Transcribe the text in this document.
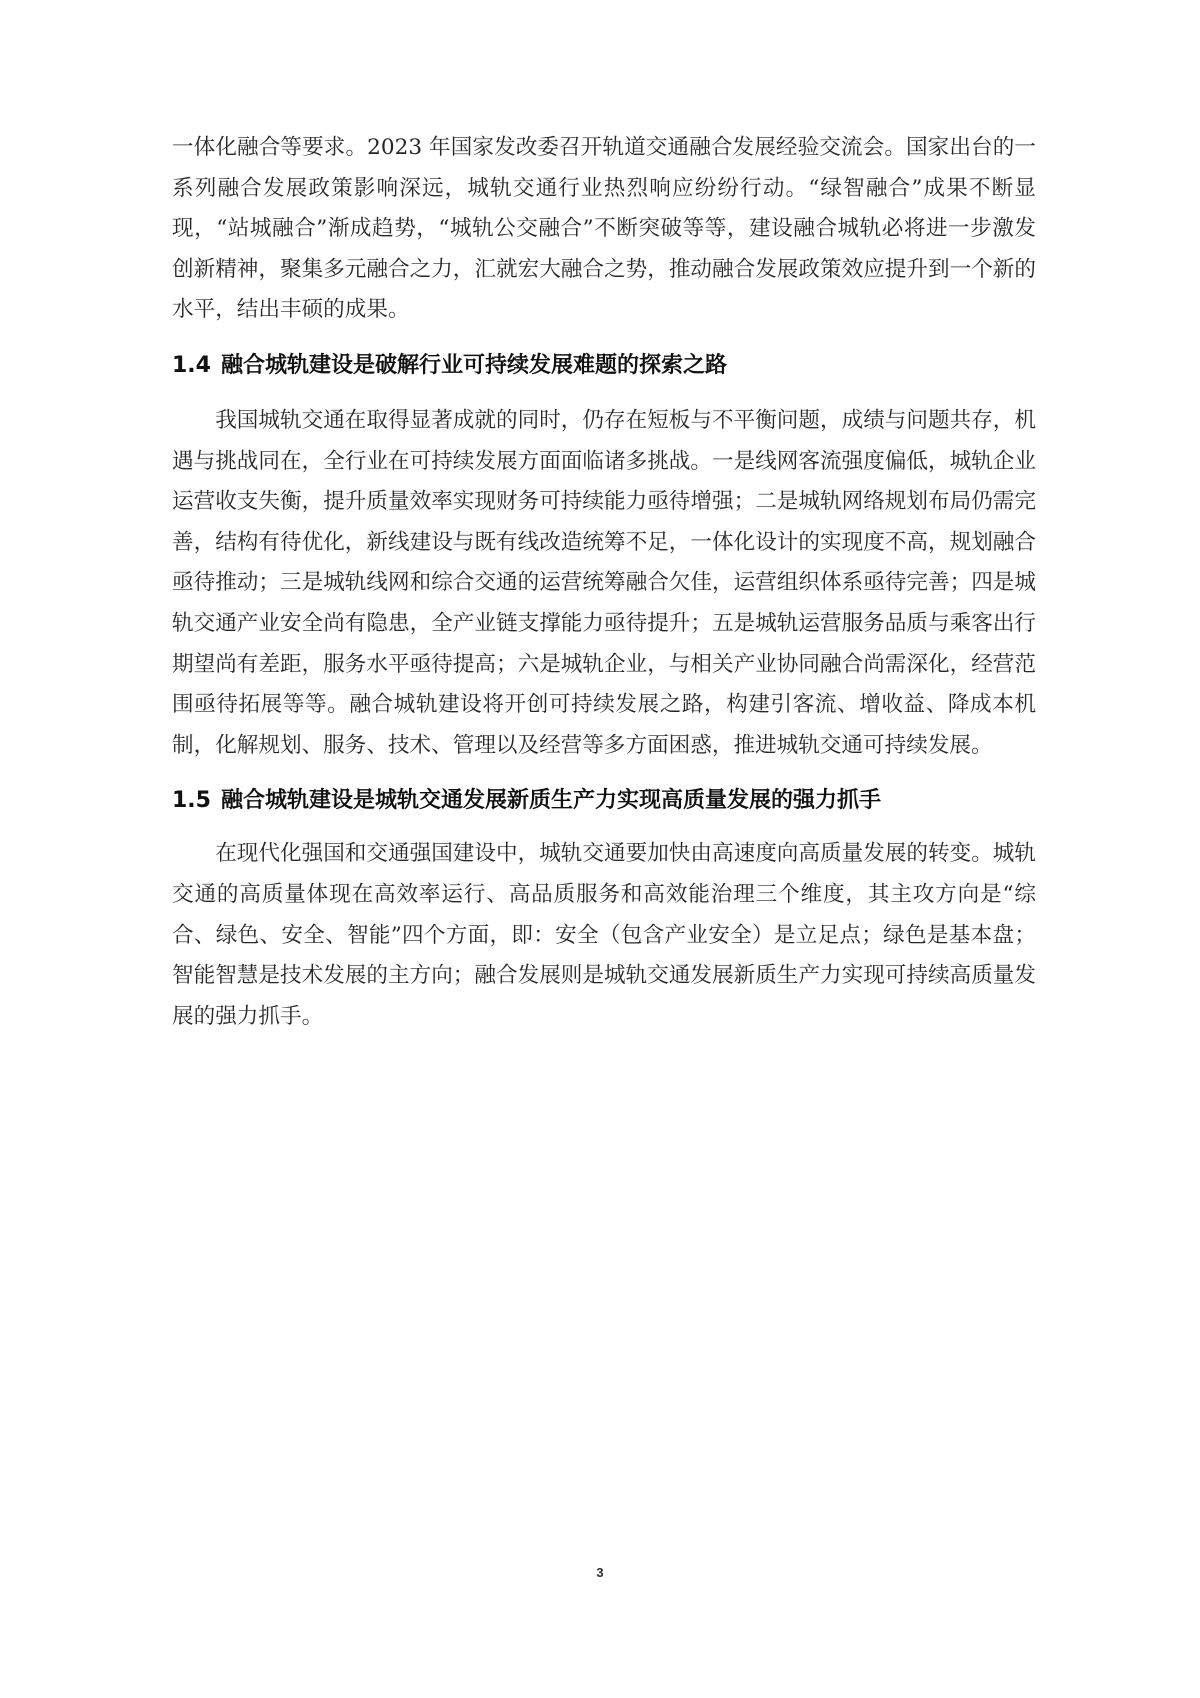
一体化融合等要求。2023 年国家发改委召开轨道交通融合发展经验交流会。国家出台的一系列融合发展政策影响深远，城轨交通行业热烈响应纷纷行动。“绿智融合”成果不断显现，“站城融合”渐成趋势，“城轨公交融合”不断突破等等，建设融合城轨必将进一步激发创新精神，聚集多元融合之力，汇就宏大融合之势，推动融合发展政策效应提升到一个新的水平，结出丰硕的成果。

1.4 融合城轨建设是破解行业可持续发展难题的探索之路

我国城轨交通在取得显著成就的同时，仍存在短板与不平衡问题，成绩与问题共存，机遇与挑战同在，全行业在可持续发展方面面临诸多挑战。一是线网客流强度偏低，城轨企业运营收支失衡，提升质量效率实现财务可持续能力亟待增强；二是城轨网络规划布局仍需完善，结构有待优化，新线建设与既有线改造统筹不足，一体化设计的实现度不高，规划融合亟待推动；三是城轨线网和综合交通的运营统筹融合欠佳，运营组织体系亟待完善；四是城轨交通产业安全尚有隐患，全产业链支撑能力亟待提升；五是城轨运营服务品质与乘客出行期望尚有差距，服务水平亟待提高；六是城轨企业，与相关产业协同融合尚需深化，经营范围亟待拓展等等。融合城轨建设将开创可持续发展之路，构建引客流、增收益、降成本机制，化解规划、服务、技术、管理以及经营等多方面困惑，推进城轨交通可持续发展。

1.5 融合城轨建设是城轨交通发展新质生产力实现高质量发展的强力抓手

在现代化强国和交通强国建设中，城轨交通要加快由高速度向高质量发展的转变。城轨交通的高质量体现在高效率运行、高品质服务和高效能治理三个维度，其主攻方向是“综合、绿色、安全、智能”四个方面，即：安全（包含产业安全）是立足点；绿色是基本盘；智能智慧是技术发展的主方向；融合发展则是城轨交通发展新质生产力实现可持续高质量发展的强力抓手。

3
